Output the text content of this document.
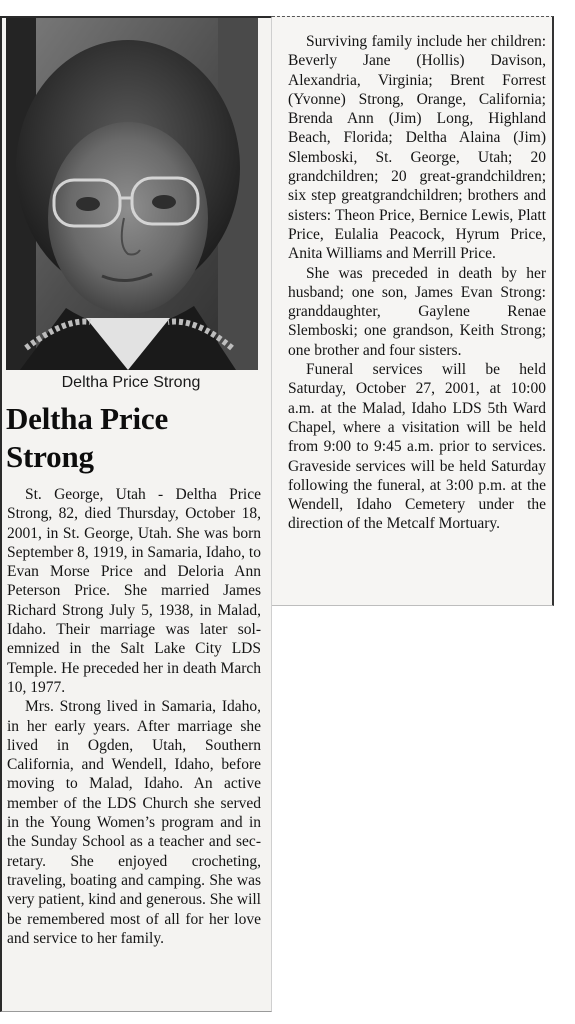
Deltha Price Strong
Deltha Price
Strong

St. George, Utah - Deltha Price Strong, 82, died Thursday, October 18, 2001, in St. George, Utah. She was born September 8, 1919, in Samaria, Idaho, to Evan Morse Price and Deloria Ann Peterson Price. She married James Richard Strong July 5, 1938, in Malad, Idaho. Their marriage was later solemnized in the Salt Lake City LDS Temple. He preceded her in death March 10, 1977.

Mrs. Strong lived in Samaria, Idaho, in her early years. After marriage she lived in Ogden, Utah, Southern California, and Wendell, Idaho, before moving to Malad, Idaho. An active member of the LDS Church she served in the Young Women’s program and in the Sunday School as a teacher and secretary. She enjoyed crocheting, traveling, boating and camping. She was very patient, kind and generous. She will be remembered most of all for her love and service to her family.

Surviving family include her children: Beverly Jane (Hollis) Davison, Alexandria, Virginia; Brent Forrest (Yvonne) Strong, Orange, California; Brenda Ann (Jim) Long, Highland Beach, Florida; Deltha Alaina (Jim) Slemboski, St. George, Utah; 20 grandchildren; 20 great-grandchildren; six step greatgrandchildren; brothers and sisters: Theon Price, Bernice Lewis, Platt Price, Eulalia Peacock, Hyrum Price, Anita Williams and Merrill Price.

She was preceded in death by her husband; one son, James Evan Strong: granddaughter, Gaylene Renae Slemboski; one grandson, Keith Strong; one brother and four sisters.

Funeral services will be held Saturday, October 27, 2001, at 10:00 a.m. at the Malad, Idaho LDS 5th Ward Chapel, where a visitation will be held from 9:00 to 9:45 a.m. prior to services. Graveside services will be held Saturday following the funeral, at 3:00 p.m. at the Wendell, Idaho Cemetery under the direction of the Metcalf Mortuary.
